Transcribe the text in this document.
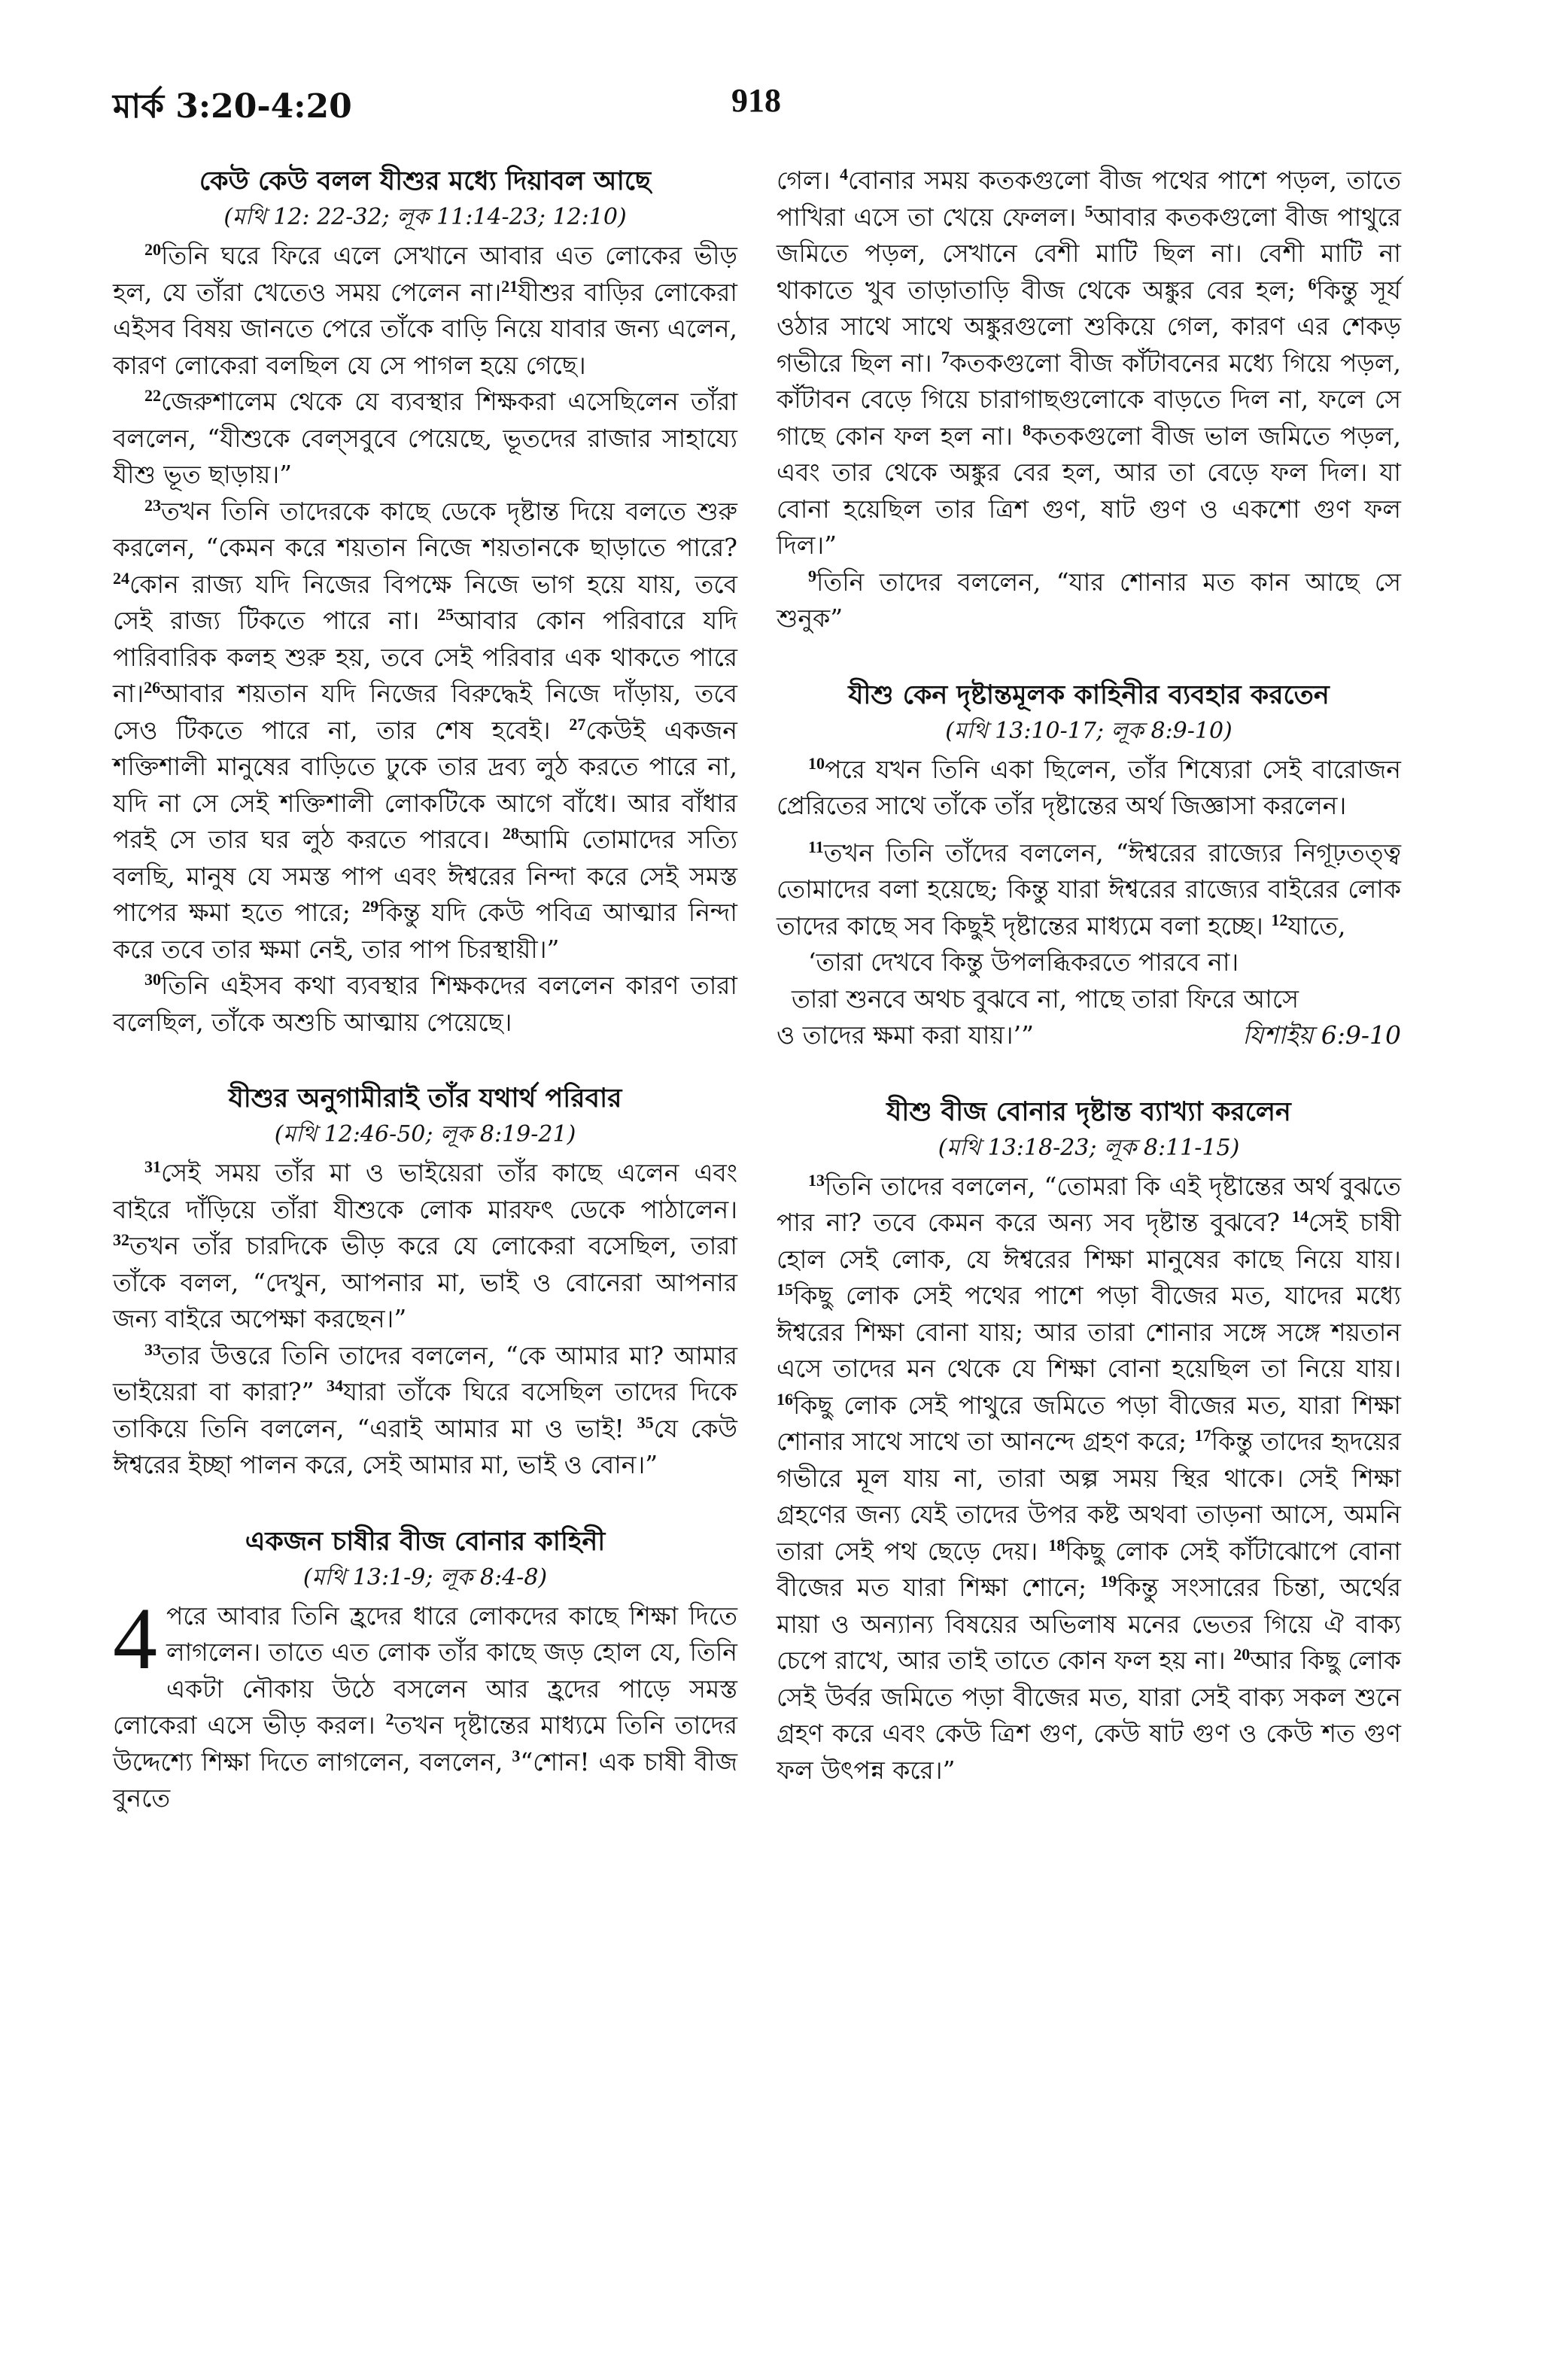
মার্ক 3:20-4:20	918
কেউ কেউ বলল যীশুর মধ্যে দিয়াবল আছে
(মথি 12: 22-32; লূক 11:14-23; 12:10)

$^{20}$তিনি ঘরে ফিরে এলে সেখানে আবার এত লোকের ভীড় হল, যে তাঁরা খেতেও সময় পেলেন না।$^{21}$যীশুর বাড়ির লোকেরা এইসব বিষয় জানতে পেরে তাঁকে বাড়ি নিয়ে যাবার জন্য এলেন, কারণ লোকেরা বলছিল যে সে পাগল হয়ে গেছে।

$^{22}$জেরুশালেম থেকে যে ব্যবস্থার শিক্ষকরা এসেছিলেন তাঁরা বললেন, “যীশুকে বেল্সবুবে পেয়েছে, ভূতদের রাজার সাহায্যে যীশু ভূত ছাড়ায়।”

$^{23}$তখন তিনি তাদেরকে কাছে ডেকে দৃষ্টান্ত দিয়ে বলতে শুরু করলেন, “কেমন করে শয়তান নিজে শয়তানকে ছাড়াতে পারে? $^{24}$কোন রাজ্য যদি নিজের বিপক্ষে নিজে ভাগ হয়ে যায়, তবে সেই রাজ্য টিকতে পারে না। $^{25}$আবার কোন পরিবারে যদি পারিবারিক কলহ শুরু হয়, তবে সেই পরিবার এক থাকতে পারে না।$^{26}$আবার শয়তান যদি নিজের বিরুদ্ধেই নিজে দাঁড়ায়, তবে সেও টিকতে পারে না, তার শেষ হবেই। $^{27}$কেউই একজন শক্তিশালী মানুষের বাড়িতে ঢুকে তার দ্রব্য লুঠ করতে পারে না, যদি না সে সেই শক্তিশালী লোকটিকে আগে বাঁধে। আর বাঁধার পরই সে তার ঘর লুঠ করতে পারবে। $^{28}$আমি তোমাদের সত্যি বলছি, মানুষ যে সমস্ত পাপ এবং ঈশ্বরের নিন্দা করে সেই সমস্ত পাপের ক্ষমা হতে পারে; $^{29}$কিন্তু যদি কেউ পবিত্র আত্মার নিন্দা করে তবে তার ক্ষমা নেই, তার পাপ চিরস্থায়ী।”

$^{30}$তিনি এইসব কথা ব্যবস্থার শিক্ষকদের বললেন কারণ তারা বলেছিল, তাঁকে অশুচি আত্মায় পেয়েছে।

যীশুর অনুগামীরাই তাঁর যথার্থ পরিবার
(মথি 12:46-50; লূক 8:19-21)

$^{31}$সেই সময় তাঁর মা ও ভাইয়েরা তাঁর কাছে এলেন এবং বাইরে দাঁড়িয়ে তাঁরা যীশুকে লোক মারফৎ ডেকে পাঠালেন। $^{32}$তখন তাঁর চারদিকে ভীড় করে যে লোকেরা বসেছিল, তারা তাঁকে বলল, “দেখুন, আপনার মা, ভাই ও বোনেরা আপনার জন্য বাইরে অপেক্ষা করছেন।”

$^{33}$তার উত্তরে তিনি তাদের বললেন, “কে আমার মা? আমার ভাইয়েরা বা কারা?” $^{34}$যারা তাঁকে ঘিরে বসেছিল তাদের দিকে তাকিয়ে তিনি বললেন, “এরাই আমার মা ও ভাই! $^{35}$যে কেউ ঈশ্বরের ইচ্ছা পালন করে, সেই আমার মা, ভাই ও বোন।”

একজন চাষীর বীজ বোনার কাহিনী
(মথি 13:1-9; লূক 8:4-8)

4 পরে আবার তিনি হ্রদের ধারে লোকদের কাছে শিক্ষা দিতে লাগলেন। তাতে এত লোক তাঁর কাছে জড় হোল যে, তিনি একটা নৌকায় উঠে বসলেন আর হ্রদের পাড়ে সমস্ত লোকেরা এসে ভীড় করল। $^2$তখন দৃষ্টান্তের মাধ্যমে তিনি তাদের উদ্দেশ্যে শিক্ষা দিতে লাগলেন, বললেন, $^3$“শোন! এক চাষী বীজ বুনতে

গেল। $^4$বোনার সময় কতকগুলো বীজ পথের পাশে পড়ল, তাতে পাখিরা এসে তা খেয়ে ফেলল। $^5$আবার কতকগুলো বীজ পাথুরে জমিতে পড়ল, সেখানে বেশী মাটি ছিল না। বেশী মাটি না থাকাতে খুব তাড়াতাড়ি বীজ থেকে অঙ্কুর বের হল; $^6$কিন্তু সূর্য ওঠার সাথে সাথে অঙ্কুরগুলো শুকিয়ে গেল, কারণ এর শেকড় গভীরে ছিল না। $^7$কতকগুলো বীজ কাঁটাবনের মধ্যে গিয়ে পড়ল, কাঁটাবন বেড়ে গিয়ে চারাগাছগুলোকে বাড়তে দিল না, ফলে সে গাছে কোন ফল হল না। $^8$কতকগুলো বীজ ভাল জমিতে পড়ল, এবং তার থেকে অঙ্কুর বের হল, আর তা বেড়ে ফল দিল। যা বোনা হয়েছিল তার ত্রিশ গুণ, ষাট গুণ ও একশো গুণ ফল দিল।”

$^9$তিনি তাদের বললেন, “যার শোনার মত কান আছে সে শুনুক”

যীশু কেন দৃষ্টান্তমূলক কাহিনীর ব্যবহার করতেন
(মথি 13:10-17; লূক 8:9-10)

$^{10}$পরে যখন তিনি একা ছিলেন, তাঁর শিষ্যেরা সেই বারোজন প্রেরিতের সাথে তাঁকে তাঁর দৃষ্টান্তের অর্থ জিজ্ঞাসা করলেন।

$^{11}$তখন তিনি তাঁদের বললেন, “ঈশ্বরের রাজ্যের নিগূঢ়তত্ত্ব তোমাদের বলা হয়েছে; কিন্তু যারা ঈশ্বরের রাজ্যের বাইরের লোক তাদের কাছে সব কিছুই দৃষ্টান্তের মাধ্যমে বলা হচ্ছে। $^{12}$যাতে,

‘তারা দেখবে কিন্তু উপলব্ধিকরতে পারবে না।

তারা শুনবে অথচ বুঝবে না, পাছে তারা ফিরে আসে

ও তাদের ক্ষমা করা যায়।’”	যিশাইয় 6:9-10

যীশু বীজ বোনার দৃষ্টান্ত ব্যাখ্যা করলেন
(মথি 13:18-23; লূক 8:11-15)

$^{13}$তিনি তাদের বললেন, “তোমরা কি এই দৃষ্টান্তের অর্থ বুঝতে পার না? তবে কেমন করে অন্য সব দৃষ্টান্ত বুঝবে? $^{14}$সেই চাষী হোল সেই লোক, যে ঈশ্বরের শিক্ষা মানুষের কাছে নিয়ে যায়। $^{15}$কিছু লোক সেই পথের পাশে পড়া বীজের মত, যাদের মধ্যে ঈশ্বরের শিক্ষা বোনা যায়; আর তারা শোনার সঙ্গে সঙ্গে শয়তান এসে তাদের মন থেকে যে শিক্ষা বোনা হয়েছিল তা নিয়ে যায়। $^{16}$কিছু লোক সেই পাথুরে জমিতে পড়া বীজের মত, যারা শিক্ষা শোনার সাথে সাথে তা আনন্দে গ্রহণ করে; $^{17}$কিন্তু তাদের হৃদয়ের গভীরে মূল যায় না, তারা অল্প সময় স্থির থাকে। সেই শিক্ষা গ্রহণের জন্য যেই তাদের উপর কষ্ট অথবা তাড়না আসে, অমনি তারা সেই পথ ছেড়ে দেয়। $^{18}$কিছু লোক সেই কাঁটাঝোপে বোনা বীজের মত যারা শিক্ষা শোনে; $^{19}$কিন্তু সংসারের চিন্তা, অর্থের মায়া ও অন্যান্য বিষয়ের অভিলাষ মনের ভেতর গিয়ে ঐ বাক্য চেপে রাখে, আর তাই তাতে কোন ফল হয় না। $^{20}$আর কিছু লোক সেই উর্বর জমিতে পড়া বীজের মত, যারা সেই বাক্য সকল শুনে গ্রহণ করে এবং কেউ ত্রিশ গুণ, কেউ ষাট গুণ ও কেউ শত গুণ ফল উৎপন্ন করে।”
